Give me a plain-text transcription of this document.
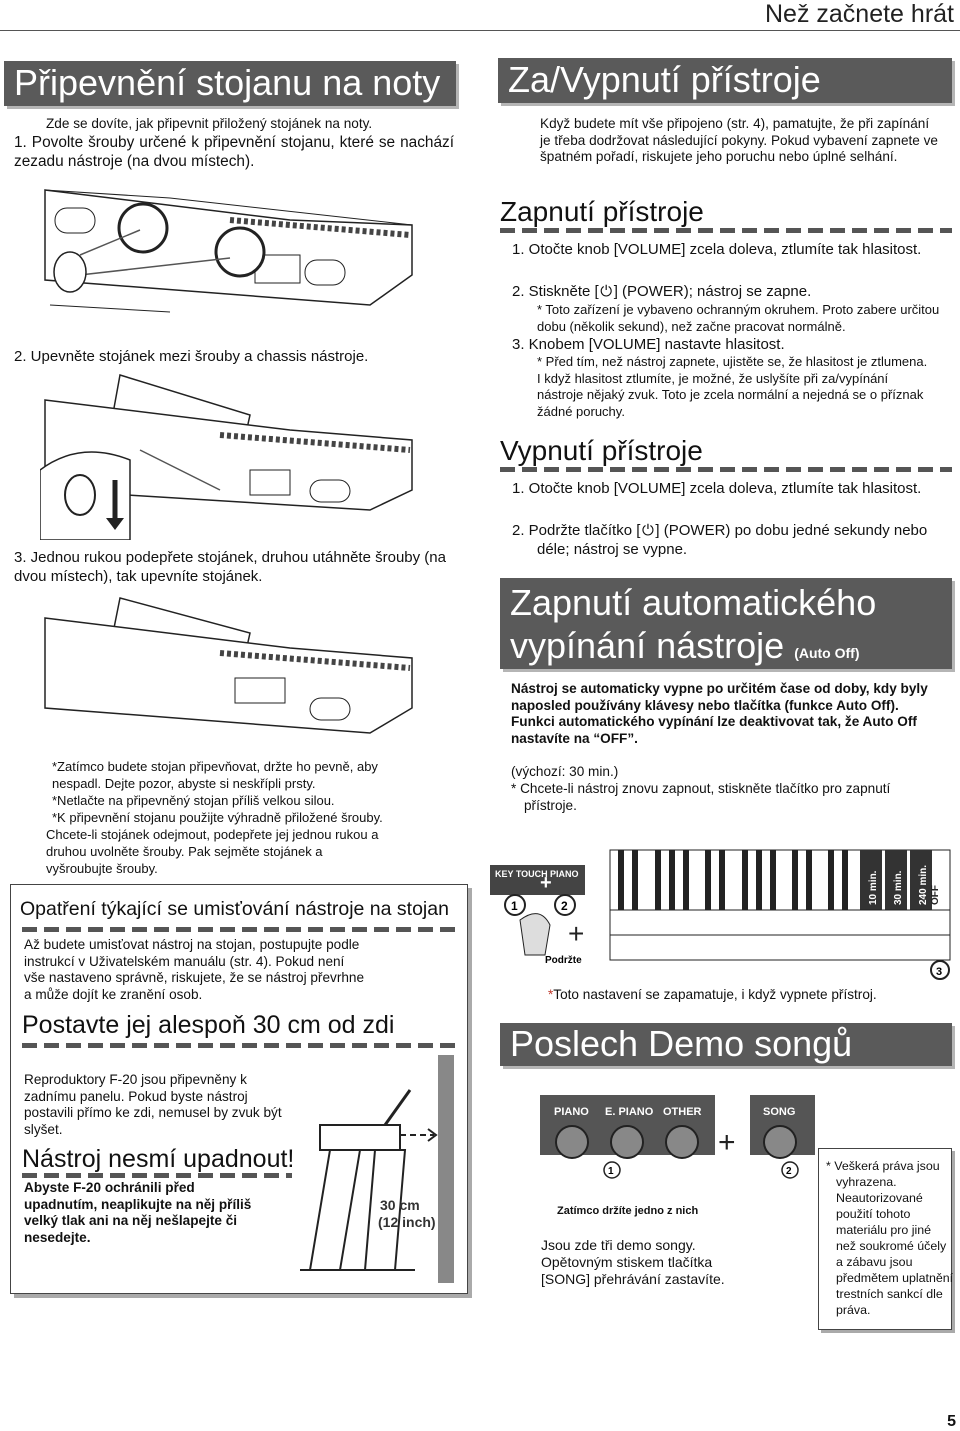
Než začnete hrát
Připevnění stojanu na noty

Zde se dovíte, jak připevnit přiložený stojánek na noty.

1. Povolte šrouby určené k připevnění stojanu, které se nachází zezadu nástroje (na dvou místech).

2. Upevněte stojánek mezi šrouby a chassis nástroje.

3. Jednou rukou podepřete stojánek, druhou utáhněte šrouby (na dvou místech), tak upevníte stojánek.

*Zatímco budete stojan připevňovat, držte ho pevně, aby

nespadl. Dejte pozor, abyste si neskřípli prsty.

*Netlačte na připevněný stojan příliš velkou silou.

*K připevnění stojanu použijte výhradně přiložené šrouby.

Chcete-li stojánek odejmout, podepřete jej jednou rukou a

druhou uvolněte šrouby. Pak sejměte stojánek a

vyšroubujte šrouby.

Opatření týkající se umisťování nástroje na stojan

Až budete umisťovat nástroj na stojan, postupujte podle instrukcí v Uživatelském manuálu (str. 4). Pokud není vše nastaveno správně, riskujete, že se nástroj převrhne a může dojít ke zranění osob.

Postavte jej alespoň 30 cm od zdi

Reproduktory F-20 jsou připevněny k zadnímu panelu. Pokud byste nástroj postavili přímo ke zdi, nemusel by zvuk být slyšet.

Nástroj nesmí upadnout!

Abyste F-20 ochránili před upadnutím, neaplikujte na něj příliš velký tlak ani na něj nešlapejte či nesedejte.

30 cm
(12 inch)
Za/Vypnutí přístroje

Když budete mít vše připojeno (str. 4), pamatujte, že při zapínání je třeba dodržovat následující pokyny. Pokud vybavení zapnete ve špatném pořadí, riskujete jeho poruchu nebo úplné selhání.

Zapnutí přístroje

1. Otočte knob [VOLUME] zcela doleva, ztlumíte tak hlasitost.

2. Stiskněte [ ⏻ ] (POWER); nástroj se zapne.

* Toto zařízení je vybaveno ochranným okruhem. Proto zabere určitou dobu (několik sekund), než začne pracovat normálně.

3. Knobem [VOLUME] nastavte hlasitost.

* Před tím, než nástroj zapnete, ujistěte se, že hlasitost je ztlumena. I když hlasitost ztlumíte, je možné, že uslyšíte při za/vypínání nástroje nějaký zvuk. Toto je zcela normální a nejedná se o příznak žádné poruchy.

Vypnutí přístroje

1. Otočte knob [VOLUME] zcela doleva, ztlumíte tak hlasitost.

2. Podržte tlačítko [ ⏻ ] (POWER) po dobu jedné sekundy nebo déle; nástroj se vypne.

Zapnutí automatického
vypínání nástroje (Auto Off)

Nástroj se automaticky vypne po určitém čase od doby, kdy byly naposled používány klávesy nebo tlačítka (funkce Auto Off). Funkci automatického vypínání lze deaktivovat tak, že Auto Off nastavíte na “OFF”.

(výchozí: 30 min.)

* Chcete-li nástroj znovu zapnout, stiskněte tlačítko pro zapnutí přístroje.

KEY TOUCH PIANO
1	2
+
+
Podržte
10 min. 30 min. 240 min. OFF
3

*Toto nastavení se zapamatuje, i když vypnete přístroj.

Poslech Demo songů
PIANO E. PIANO OTHER	SONG
+
1	2

Zatímco držíte jedno z nich

Jsou zde tři demo songy. Opětovným stiskem tlačítka [SONG] přehrávání zastavíte.

* Veškerá práva jsou vyhrazena. Neautorizované použití tohoto materiálu pro jiné než soukromé účely a zábavu jsou předmětem uplatnění trestních sankcí dle práva.

5
